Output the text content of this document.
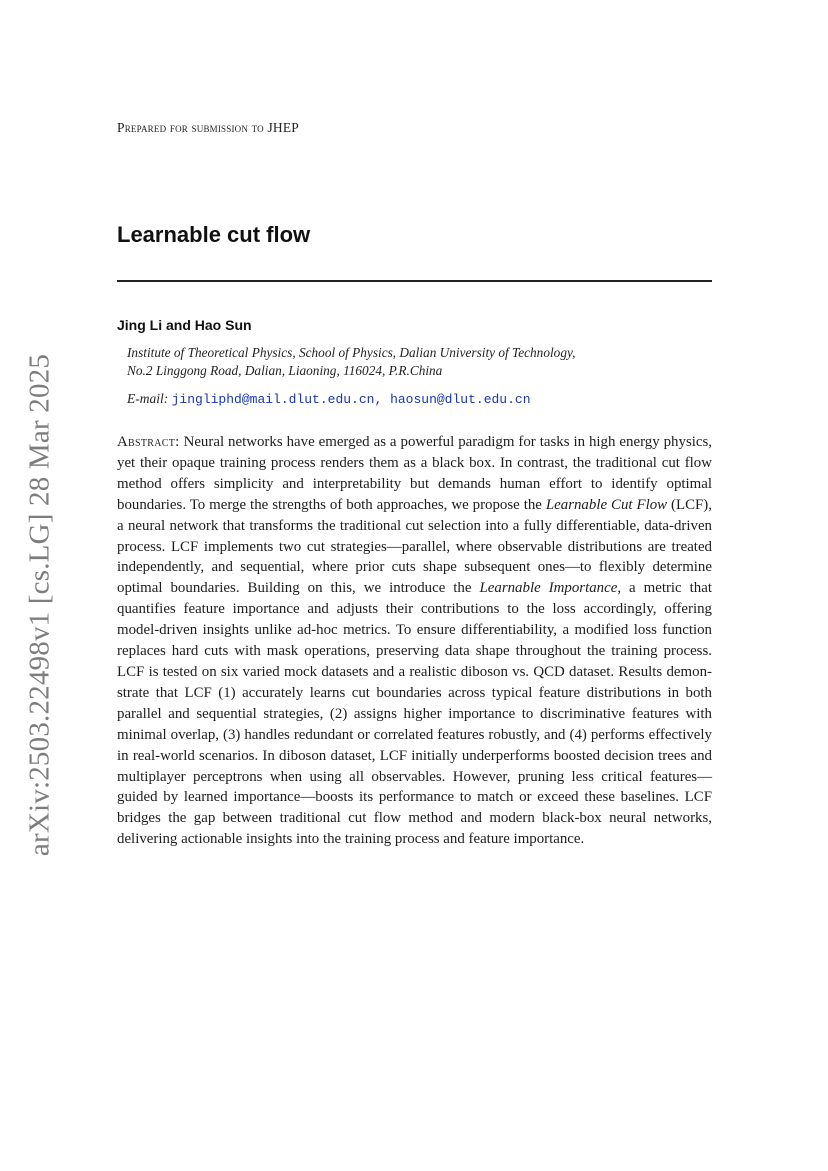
arXiv:2503.22498v1 [cs.LG] 28 Mar 2025
Prepared for submission to JHEP
Learnable cut flow
Jing Li and Hao Sun
Institute of Theoretical Physics, School of Physics, Dalian University of Technology,
No.2 Linggong Road, Dalian, Liaoning, 116024, P.R.China
E-mail: jingliphd@mail.dlut.edu.cn, haosun@dlut.edu.cn
Abstract: Neural networks have emerged as a powerful paradigm for tasks in high energy physics, yet their opaque training process renders them as a black box. In contrast, the traditional cut flow method offers simplicity and interpretability but demands human effort to identify optimal boundaries. To merge the strengths of both approaches, we propose the Learnable Cut Flow (LCF), a neural network that transforms the traditional cut selection into a fully differentiable, data-driven process. LCF implements two cut strategies—parallel, where observable distributions are treated independently, and sequential, where prior cuts shape subsequent ones—to flexibly determine optimal boundaries. Building on this, we introduce the Learnable Importance, a metric that quantifies feature importance and adjusts their contributions to the loss accordingly, offering model-driven insights unlike ad-hoc metrics. To ensure differentiability, a modified loss function replaces hard cuts with mask operations, preserving data shape throughout the training process. LCF is tested on six varied mock datasets and a realistic diboson vs. QCD dataset. Results demonstrate that LCF (1) accurately learns cut boundaries across typical feature distributions in both parallel and sequential strategies, (2) assigns higher importance to discriminative features with minimal overlap, (3) handles redundant or correlated features robustly, and (4) performs effectively in real-world scenarios. In diboson dataset, LCF initially underperforms boosted decision trees and multiplayer perceptrons when using all observables. However, pruning less critical features—guided by learned importance—boosts its performance to match or exceed these baselines. LCF bridges the gap between traditional cut flow method and modern black-box neural networks, delivering actionable insights into the training process and feature importance.
